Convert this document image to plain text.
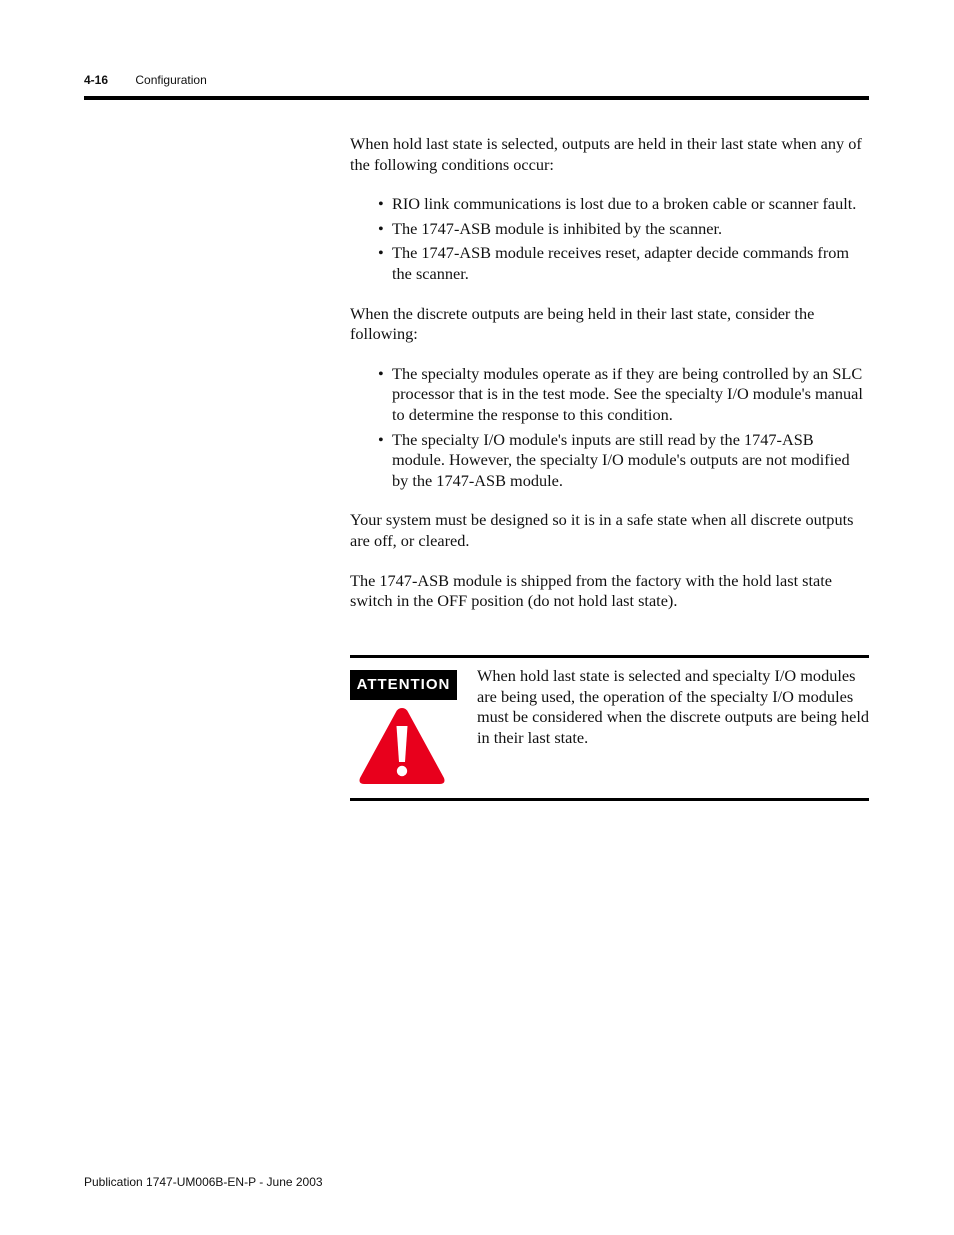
4-16 Configuration

When hold last state is selected, outputs are held in their last state when any of the following conditions occur:

• RIO link communications is lost due to a broken cable or scanner fault.
• The 1747-ASB module is inhibited by the scanner.
• The 1747-ASB module receives reset, adapter decide commands from the scanner.

When the discrete outputs are being held in their last state, consider the following:

• The specialty modules operate as if they are being controlled by an SLC processor that is in the test mode. See the specialty I/O module's manual to determine the response to this condition.
• The specialty I/O module's inputs are still read by the 1747-ASB module. However, the specialty I/O module's outputs are not modified by the 1747-ASB module.

Your system must be designed so it is in a safe state when all discrete outputs are off, or cleared.

The 1747-ASB module is shipped from the factory with the hold last state switch in the OFF position (do not hold last state).

ATTENTION	When hold last state is selected and specialty I/O modules are being used, the operation of the specialty I/O modules must be considered when the discrete outputs are being held in their last state.
Publication 1747-UM006B-EN-P - June 2003
